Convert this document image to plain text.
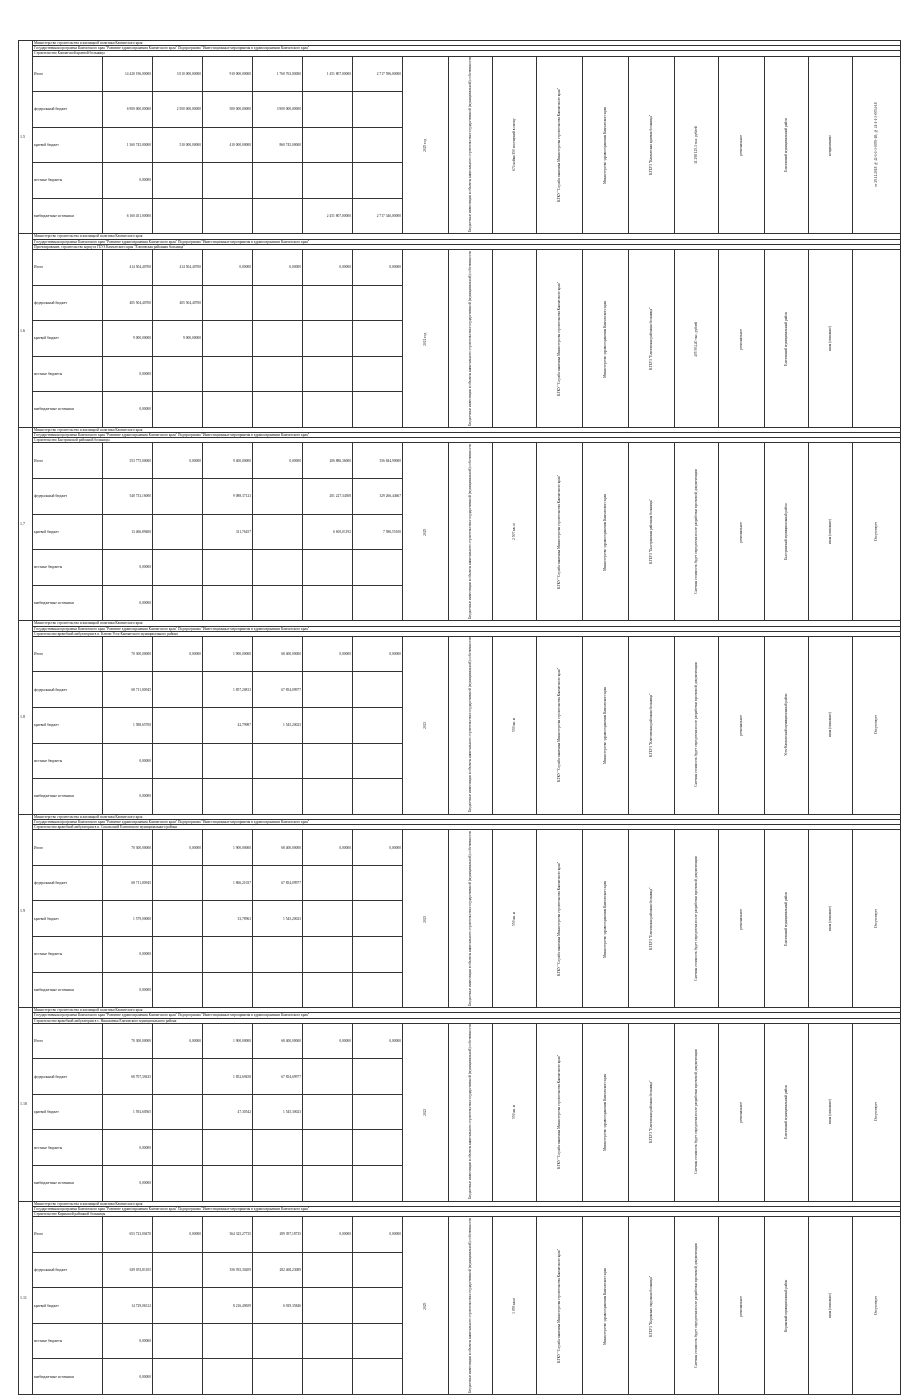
1.5	Министерство строительства и жилищной политики Камчатского края																	
	Государственная программа Камчатского края "Развитие здравоохранения Камчатского края" Подпрограмма "Инвестиционные мероприятия в здравоохранении Камчатского края"																	
	Строительство Камчатской краевой больницы																	
	Итого	14 420 196,00000	3 010 000,00000	910 000,00000	1 760 763,00000	1 451 807,00000	2 717 596,00000	2025 год	Бюджетные инвестиции в объекты капитального строительства государственной (муниципальной) собственности	674 койки/150 посещений в смену	КГКУ "Служба заказчика Министерства строительства Камчатского края"	Министерство здравоохранения Камчатского края	КГБУЗ "Камчатская краевая больница"	11 298 125,1 тыс. рублей	региональное	Елизовский муниципальный район	неприменимо	от 29.11.2018 № 41-1-1-3-0055-18; № 41-1-1-3-0054-18
	федеральный бюджет	6 900 000,00000	2 500 000,00000	500 000,00000	3 900 000,00000													
	краевой бюджет	1 360 745,00000	510 000,00000	410 000,00000	860 745,00000													
	местные бюджеты	0,00000																
	внебюджетные источники	6 160 451,00000				2 451 807,00000	2 717 346,00000											
1.6	Министерство строительства и жилищной политики Камчатского края																	
	Государственная программа Камчатского края "Развитие здравоохранения Камчатского края" Подпрограмма "Инвестиционные мероприятия в здравоохранении Камчатского края"																	
	Проектирование, строительство корпуса ГБУЗ Камчатского края "Елизовская районная больница"																	
	Итого	414 504,40700	414 504,40700	0,00000	0,00000	0,00000	0,00000	2021 год	Бюджетные инвестиции в объекты капитального строительства государственной (муниципальной) собственности		КГКУ "Служба заказчика Министерства строительства Камчатского края"	Министерство здравоохранения Камчатского края	КГБУЗ "Елизовская районная больница"	405 504,40 тыс. рублей	региональное	Елизовский муниципальный район	иная (описание)	
	федеральный бюджет	405 504,40700	405 504,40700															
	краевой бюджет	9 000,00000	9 000,00000															
	местные бюджеты	0,00000																
	внебюджетные источники	0,00000																
1.7	Министерство строительства и жилищной политики Камчатского края																	
	Государственная программа Камчатского края "Развитие здравоохранения Камчатского края" Подпрограмма "Инвестиционные мероприятия в здравоохранении Камчатского края"																	
	Строительство Быстринской районной больницы																	
	Итого	553 775,00000	0,00000	9 400,00000	0,00000	206 886,36000	356 844,90000	2025	Бюджетные инвестиции в объекты капитального строительства государственной (муниципальной) собственности	2 507 кв. м	КГКУ "Служба заказчика Министерства строительства Камчатского края"	Министерство здравоохранения Камчатского края	КГБУЗ "Быстринская районная больница"	Сметная стоимость будет определена после разработки проектной документации	региональное	Быстринский муниципальный район	иная (описание)	Отсутствует
	федеральный бюджет	540 733,16000		9 088,37123		201 227,34508	329 266,44667											
	краевой бюджет	13 466,89400		311,76457		6 605,01192	7 586,55100											
	местные бюджеты	0,00000																
	внебюджетные источники	0,00000																
1.8	Министерство строительства и жилищной политики Камчатского края																	
	Государственная программа Камчатского края "Развитие здравоохранения Камчатского края" Подпрограмма "Инвестиционные мероприятия в здравоохранении Камчатского края"																	
	Строительство врачебной амбулатории в п. Ключи Усть-Камчатского муниципального района																	
	Итого	70 300,00000	0,00000	1 900,00000	68 400,00000	0,00000	0,00000	2023	Бюджетные инвестиции в объекты капитального строительства государственной (муниципальной) собственности	550 кв. м	КГКУ "Служба заказчика Министерства строительства Камчатского края"	Министерство здравоохранения Камчатского края	КГБУЗ "Ключевская районная больница"	Сметная стоимость будет определена после разработки проектной документации	региональное	Усть-Камчатский муниципальный район	иная (описание)	Отсутствует
	федеральный бюджет	68 711,00945		1 857,20813	67 854,09977													
	краевой бюджет	1 588,65700		42,79987	1 545,20023													
	местные бюджеты	0,00000																
	внебюджетные источники	0,00000																
1.9	Министерство строительства и жилищной политики Камчатского края																	
	Государственная программа Камчатского края "Развитие здравоохранения Камчатского края" Подпрограмма "Инвестиционные мероприятия в здравоохранении Камчатского края"																	
	Строительство врачебной амбулатории в п. Сокольский Елизовского муниципального района																	
	Итого	70 300,00000	0,00000	1 900,00000	68 400,00000	0,00000	0,00000	2023	Бюджетные инвестиции в объекты капитального строительства государственной (муниципальной) собственности	550 кв. м	КГКУ "Служба заказчика Министерства строительства Камчатского края"	Министерство здравоохранения Камчатского края	КГБУЗ "Елизовская районная больница"	Сметная стоимость будет определена после разработки проектной документации	региональное	Елизовский муниципальный район	иная (описание)	Отсутствует
	федеральный бюджет	68 711,00945		1 866,21037	67 854,09977													
	краевой бюджет	1 579,00000		33,78963	1 545,20023													
	местные бюджеты	0,00000																
	внебюджетные источники	0,00000																
1.10	Министерство строительства и жилищной политики Камчатского края																	
	Государственная программа Камчатского края "Развитие здравоохранения Камчатского края" Подпрограмма "Инвестиционные мероприятия в здравоохранении Камчатского края"																	
	Строительство врачебной амбулатории в с. Николаевка Елизовского муниципального района																	
	Итого	70 300,00000	0,00000	1 900,00000	68 400,00000	0,00000	0,00000	2023	Бюджетные инвестиции в объекты капитального строительства государственной (муниципальной) собственности	550 кв. м	КГКУ "Служба заказчика Министерства строительства Камчатского края"	Министерство здравоохранения Камчатского края	КГБУЗ "Елизовская районная больница"	Сметная стоимость будет определена после разработки проектной документации	региональное	Елизовский муниципальный район	иная (описание)	Отсутствует
	федеральный бюджет	68 707,39435		1 852,69458	67 854,69977													
	краевой бюджет	1 592,60565		47,30542	1 545,30023													
	местные бюджеты	0,00000																
	внебюджетные источники	0,00000																
1.11	Министерство строительства и жилищной политики Камчатского края																	
	Государственная программа Камчатского края "Развитие здравоохранения Камчатского края" Подпрограмма "Инвестиционные мероприятия в здравоохранении Камчатского края"																	
	Строительство Корякской районной больницы																	
	Итого	653 723,00470	0,00000	364 325,27735	289 397,18735	0,00000	0,00000	2025	Бюджетные инвестиции в объекты капитального строительства государственной (муниципальной) собственности	3 059 кв.м	КГКУ "Служба заказчика Министерства строительства Камчатского края"	Министерство здравоохранения Камчатского края	КГБУЗ "Корякская окружная больница"	Сметная стоимость будет определена после разработки проектной документации	региональное	Корякский муниципальный район	иная (описание)	Отсутствует
	федеральный бюджет	639 053,81105		356 935,30209	282 468,23089													
	краевой бюджет	14 729,06312		8 216,49659	6 929,35846													
	местные бюджеты	0,00000																
	внебюджетные источники	0,00000																
